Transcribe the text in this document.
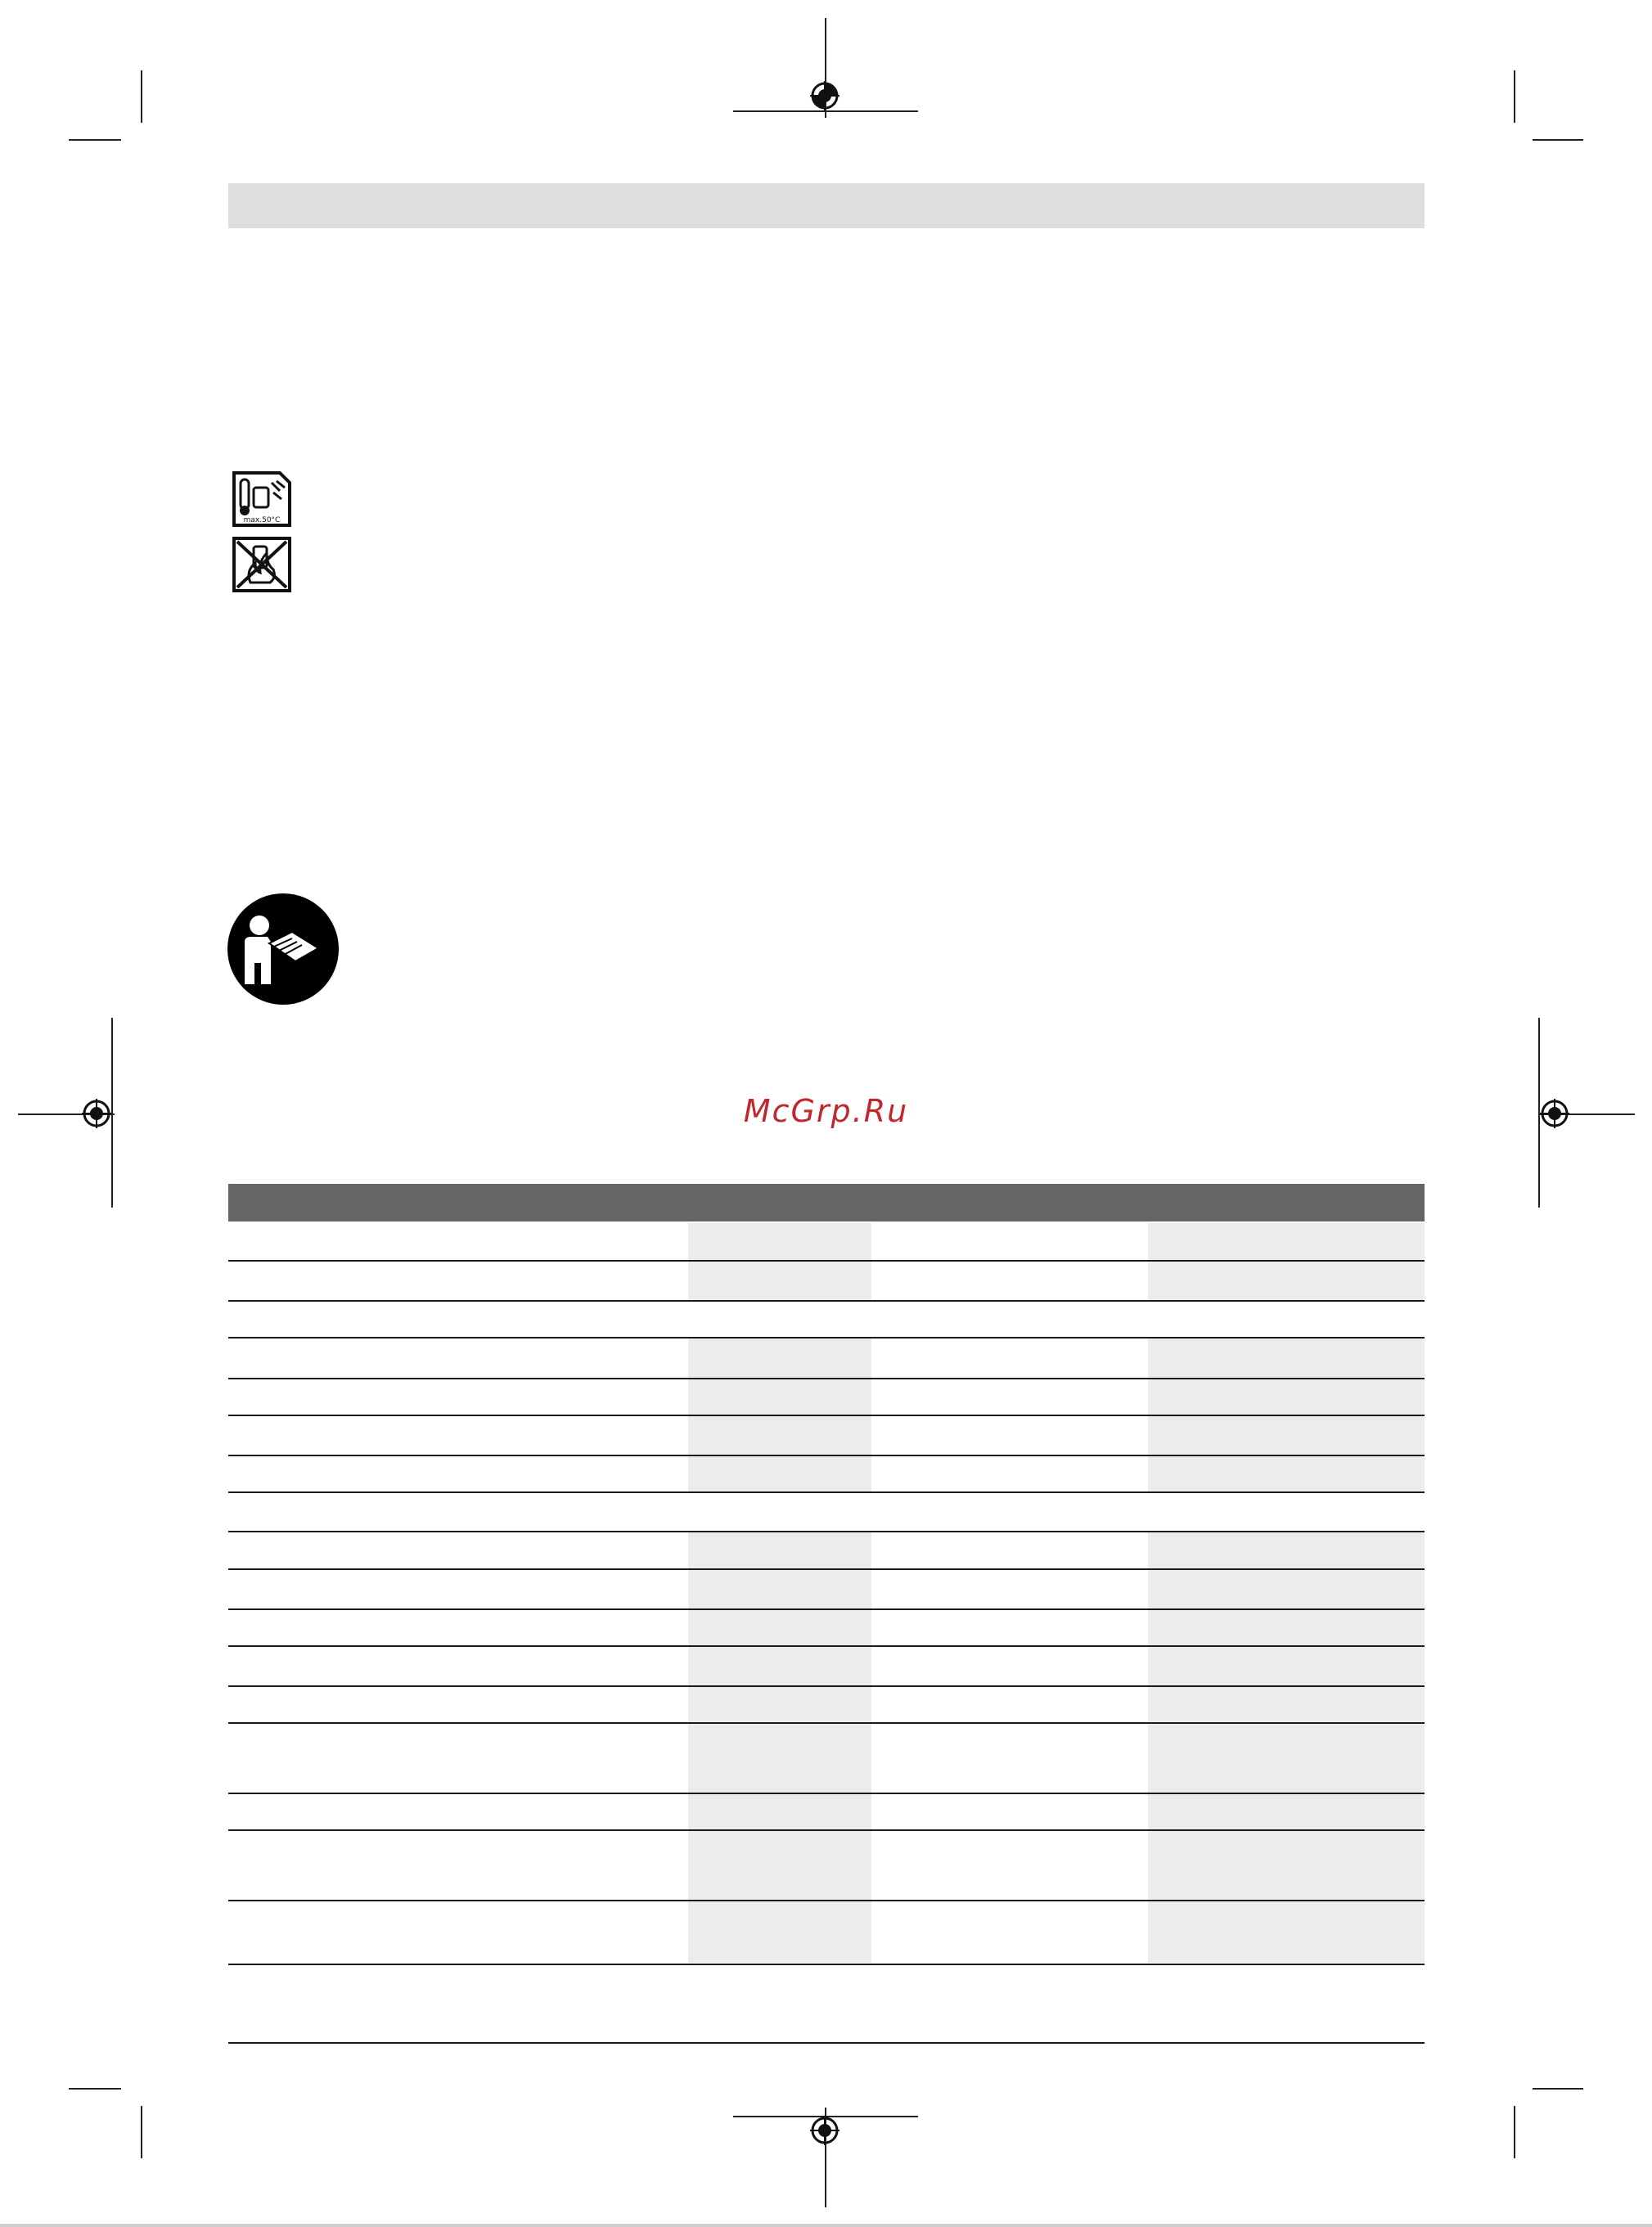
max.50°C
McGrp.Ru
